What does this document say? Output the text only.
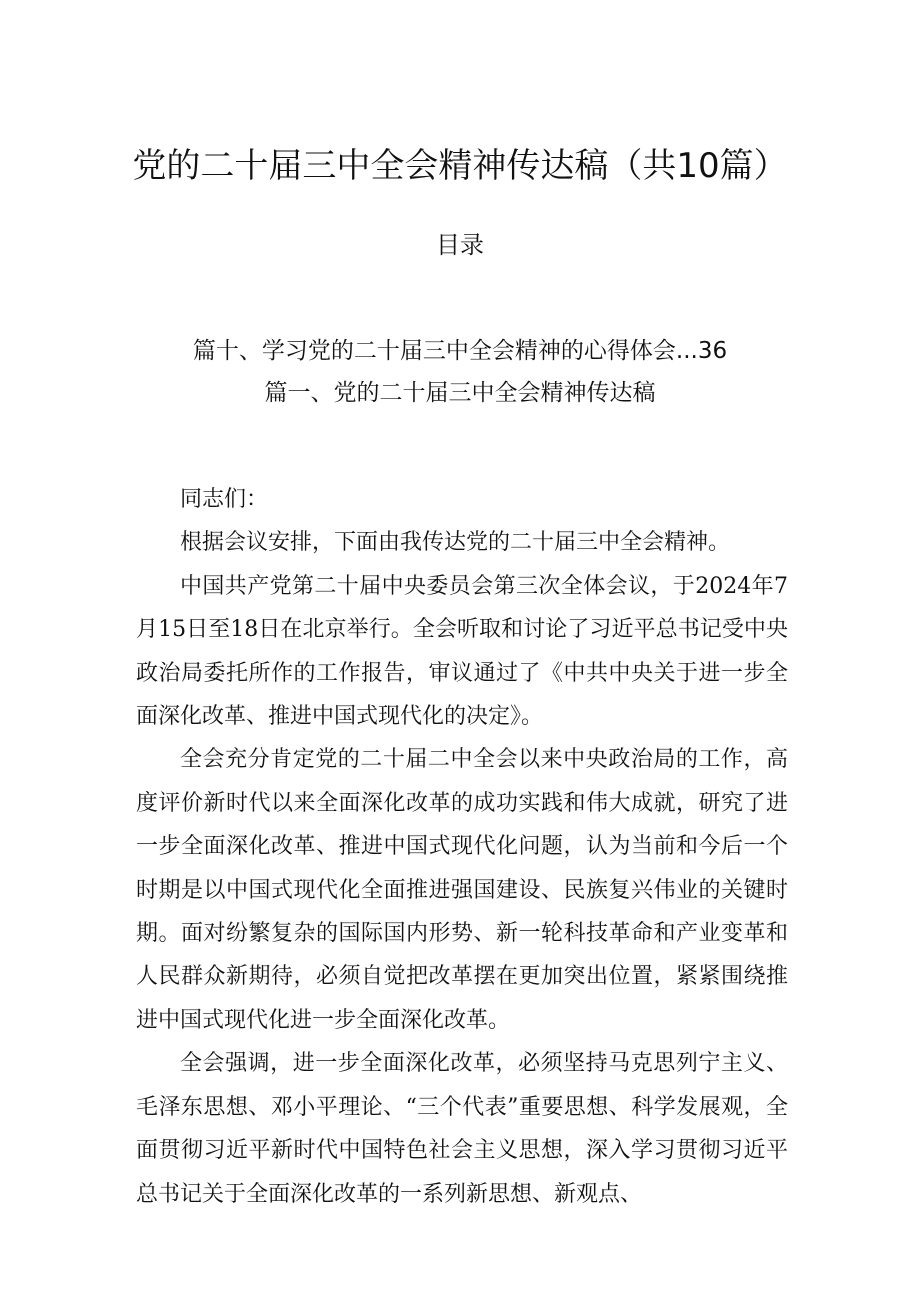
党的二十届三中全会精神传达稿（共10篇）
目录
篇十、学习党的二十届三中全会精神的心得体会...36
篇一、党的二十届三中全会精神传达稿

同志们：

根据会议安排，下面由我传达党的二十届三中全会精神。

中国共产党第二十届中央委员会第三次全体会议，于2024年7月15日至18日在北京举行。全会听取和讨论了习近平总书记受中央政治局委托所作的工作报告，审议通过了《中共中央关于进一步全面深化改革、推进中国式现代化的决定》。

全会充分肯定党的二十届二中全会以来中央政治局的工作，高度评价新时代以来全面深化改革的成功实践和伟大成就，研究了进一步全面深化改革、推进中国式现代化问题，认为当前和今后一个时期是以中国式现代化全面推进强国建设、民族复兴伟业的关键时期。面对纷繁复杂的国际国内形势、新一轮科技革命和产业变革和人民群众新期待，必须自觉把改革摆在更加突出位置，紧紧围绕推进中国式现代化进一步全面深化改革。

全会强调，进一步全面深化改革，必须坚持马克思列宁主义、毛泽东思想、邓小平理论、“三个代表”重要思想、科学发展观，全面贯彻习近平新时代中国特色社会主义思想，深入学习贯彻习近平总书记关于全面深化改革的一系列新思想、新观点、
